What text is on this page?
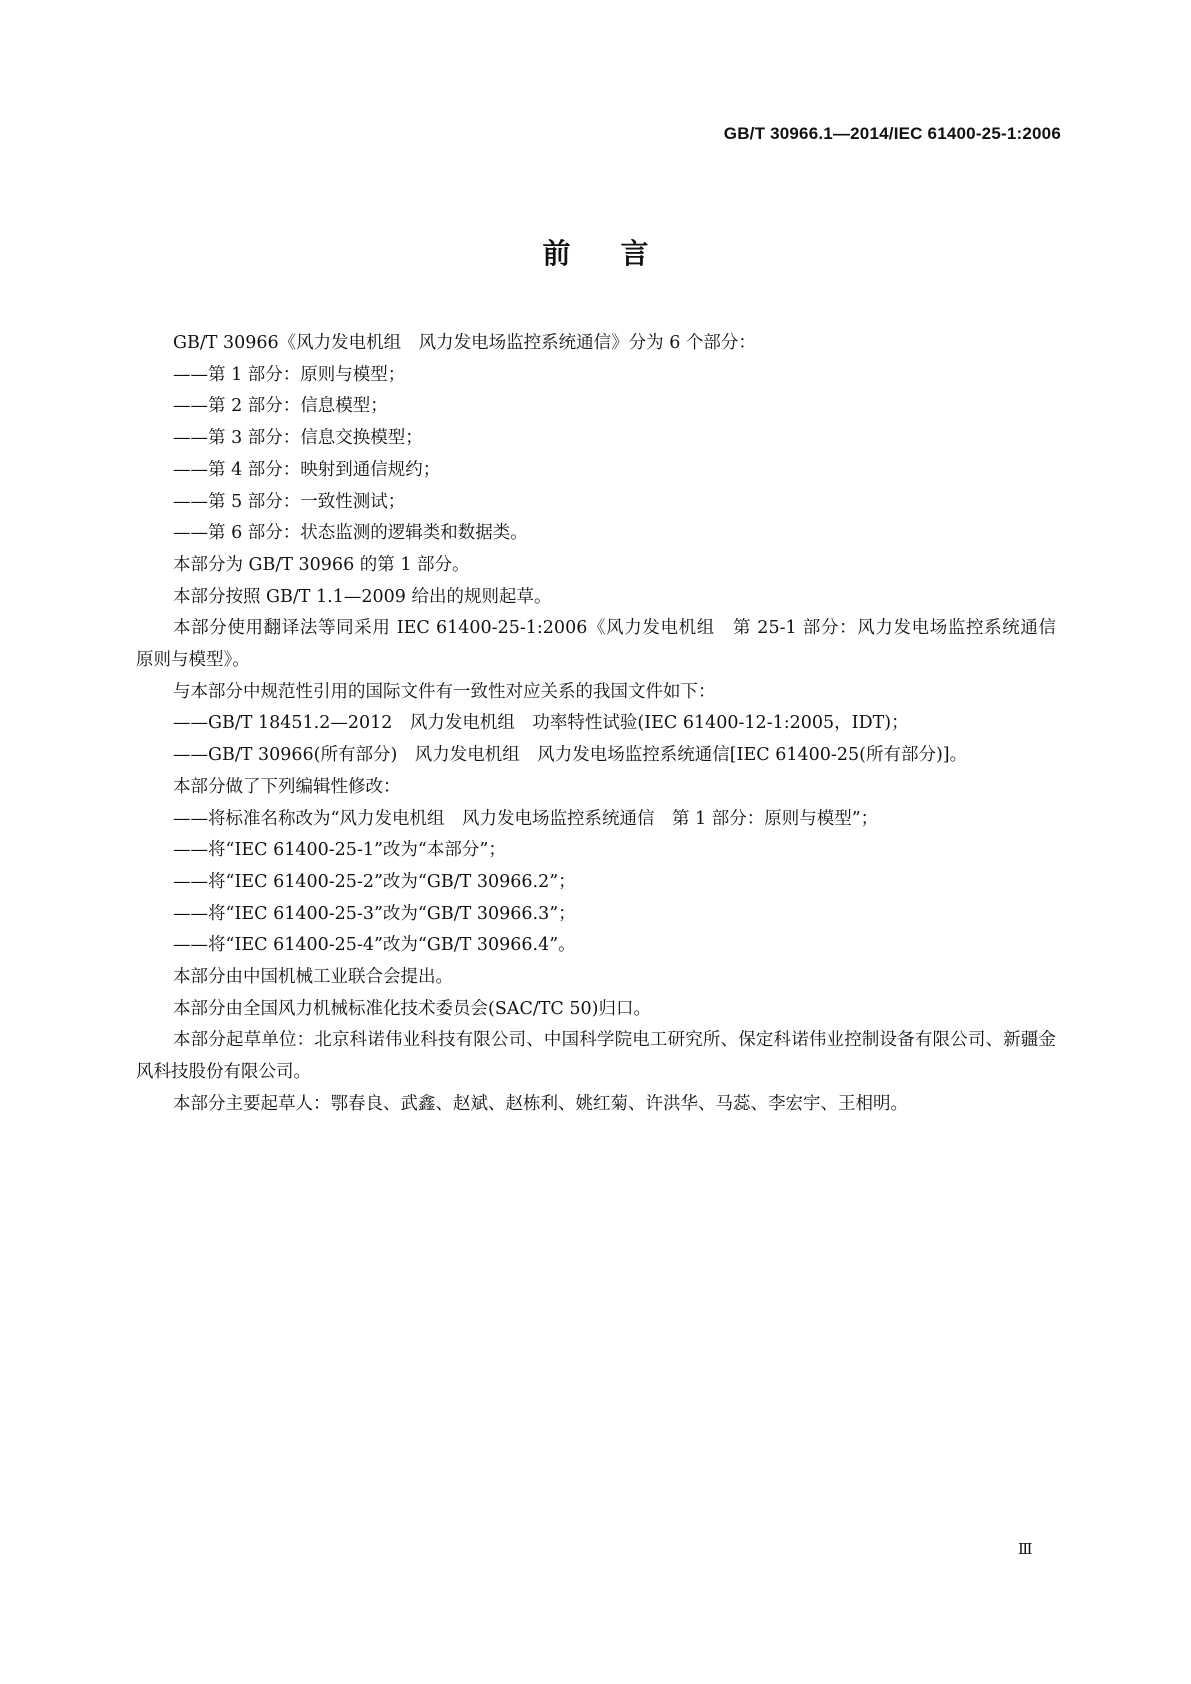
GB/T 30966.1—2014/IEC 61400-25-1:2006
前言

GB/T 30966《风力发电机组　风力发电场监控系统通信》分为 6 个部分：

——第 1 部分：原则与模型；

——第 2 部分：信息模型；

——第 3 部分：信息交换模型；

——第 4 部分：映射到通信规约；

——第 5 部分：一致性测试；

——第 6 部分：状态监测的逻辑类和数据类。

本部分为 GB/T 30966 的第 1 部分。

本部分按照 GB/T 1.1—2009 给出的规则起草。

本部分使用翻译法等同采用 IEC 61400-25-1:2006《风力发电机组　第 25-1 部分：风力发电场监控系统通信　原则与模型》。

与本部分中规范性引用的国际文件有一致性对应关系的我国文件如下：

——GB/T 18451.2—2012　风力发电机组　功率特性试验(IEC 61400-12-1:2005，IDT)；

——GB/T 30966(所有部分)　风力发电机组　风力发电场监控系统通信[IEC 61400-25(所有部分)]。

本部分做了下列编辑性修改：

——将标准名称改为“风力发电机组　风力发电场监控系统通信　第 1 部分：原则与模型”；

——将“IEC 61400-25-1”改为“本部分”；

——将“IEC 61400-25-2”改为“GB/T 30966.2”；

——将“IEC 61400-25-3”改为“GB/T 30966.3”；

——将“IEC 61400-25-4”改为“GB/T 30966.4”。

本部分由中国机械工业联合会提出。

本部分由全国风力机械标准化技术委员会(SAC/TC 50)归口。

本部分起草单位：北京科诺伟业科技有限公司、中国科学院电工研究所、保定科诺伟业控制设备有限公司、新疆金风科技股份有限公司。

本部分主要起草人：鄂春良、武鑫、赵斌、赵栋利、姚红菊、许洪华、马蕊、李宏宇、王相明。

Ⅲ
